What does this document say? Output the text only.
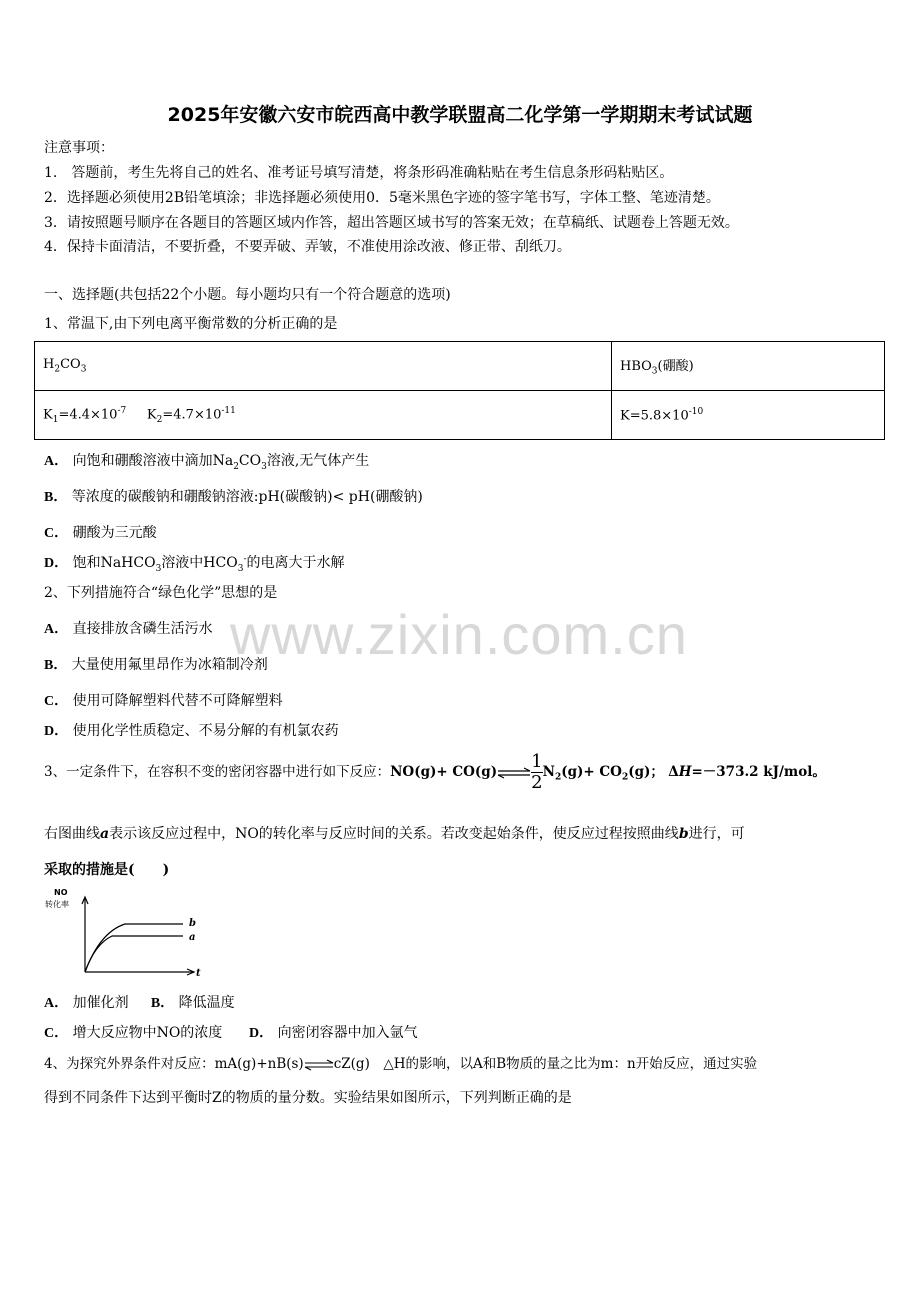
2025年安徽六安市皖西高中教学联盟高二化学第一学期期末考试试题
注意事项：
1． 答题前，考生先将自己的姓名、准考证号填写清楚，将条形码准确粘贴在考生信息条形码粘贴区。
2．选择题必须使用2B铅笔填涂；非选择题必须使用0．5毫米黑色字迹的签字笔书写，字体工整、笔迹清楚。
3．请按照题号顺序在各题目的答题区域内作答，超出答题区域书写的答案无效；在草稿纸、试题卷上答题无效。
4．保持卡面清洁，不要折叠，不要弄破、弄皱，不准使用涂改液、修正带、刮纸刀。
一、选择题(共包括22个小题。每小题均只有一个符合题意的选项)
1、常温下,由下列电离平衡常数的分析正确的是
$H_2CO_3$	$HBO_3$(硼酸)
$K_1=4.4\times 10^{-7}$ $K_2=4.7\times 10^{-11}$	$K=5.8\times 10^{-10}$
A． 向饱和硼酸溶液中滴加$Na_2CO_3$溶液,无气体产生
B． 等浓度的碳酸钠和硼酸钠溶液:pH(碳酸钠)< pH(硼酸钠)
C． 硼酸为三元酸
D． 饱和NaHCO$_3$溶液中$HCO_3^-$的电离大于水解
2、下列措施符合“绿色化学”思想的是
A． 直接排放含磷生活污水
B． 大量使用氟里昂作为冰箱制冷剂
C． 使用可降解塑料代替不可降解塑料
D． 使用化学性质稳定、不易分解的有机氯农药
www.zixin.com.cn
3、一定条件下，在容积不变的密闭容器中进行如下反应：NO(g)+ CO(g)⇌ $\frac{1}{2} N_2(g)+ CO_2(g)$； ΔH=－373.2 kJ/mol。
右图曲线a表示该反应过程中，NO的转化率与反应时间的关系。若改变起始条件，使反应过程按照曲线b进行，可
采取的措施是(　　)
NO
转化率
b
a
t
A． 加催化剂 B． 降低温度
C． 增大反应物中NO的浓度 D． 向密闭容器中加入氩气
4、为探究外界条件对反应：mA(g)+nB(s)⇌cZ(g)　△H的影响，以A和B物质的量之比为m：n开始反应，通过实验
得到不同条件下达到平衡时Z的物质的量分数。实验结果如图所示，下列判断正确的是
